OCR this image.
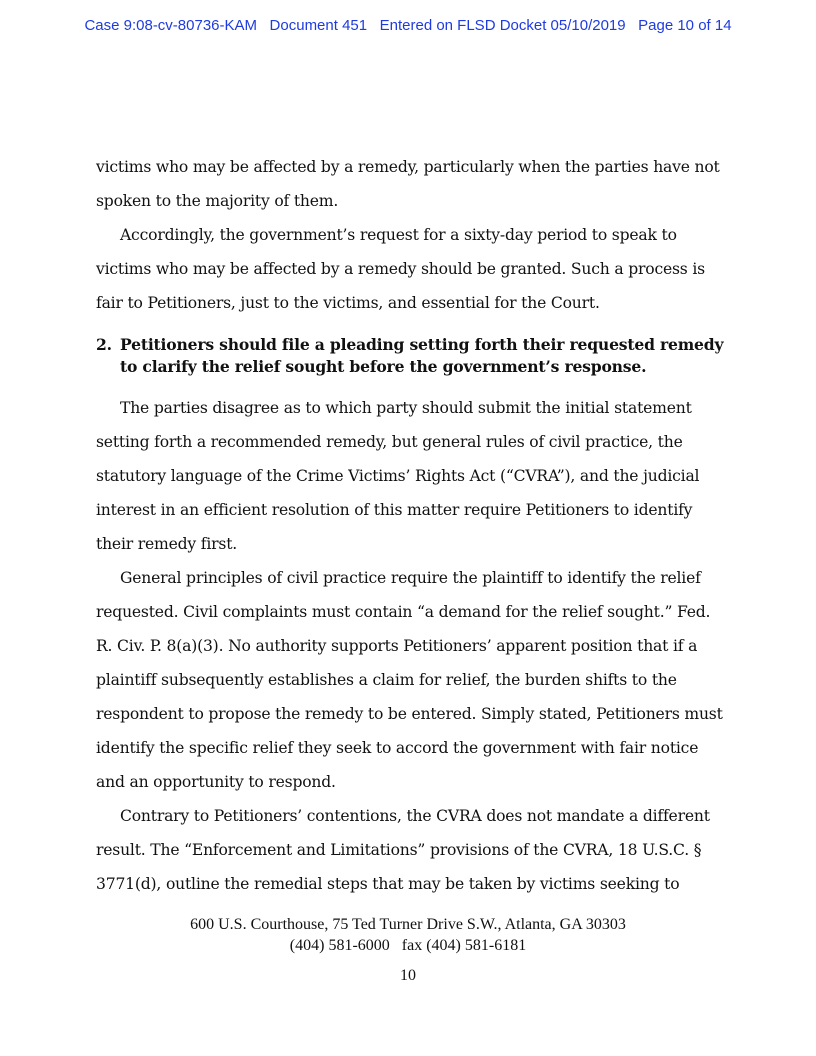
Case 9:08-cv-80736-KAM Document 451 Entered on FLSD Docket 05/10/2019 Page 10 of 14

victims who may be affected by a remedy, particularly when the parties have not spoken to the majority of them.

Accordingly, the government’s request for a sixty-day period to speak to victims who may be affected by a remedy should be granted. Such a process is fair to Petitioners, just to the victims, and essential for the Court.

2. Petitioners should file a pleading setting forth their requested remedy to clarify the relief sought before the government’s response.

The parties disagree as to which party should submit the initial statement setting forth a recommended remedy, but general rules of civil practice, the statutory language of the Crime Victims’ Rights Act (“CVRA”), and the judicial interest in an efficient resolution of this matter require Petitioners to identify their remedy first.

General principles of civil practice require the plaintiff to identify the relief requested. Civil complaints must contain “a demand for the relief sought.” Fed. R. Civ. P. 8(a)(3). No authority supports Petitioners’ apparent position that if a plaintiff subsequently establishes a claim for relief, the burden shifts to the respondent to propose the remedy to be entered. Simply stated, Petitioners must identify the specific relief they seek to accord the government with fair notice and an opportunity to respond.

Contrary to Petitioners’ contentions, the CVRA does not mandate a different result. The “Enforcement and Limitations” provisions of the CVRA, 18 U.S.C. § 3771(d), outline the remedial steps that may be taken by victims seeking to

600 U.S. Courthouse, 75 Ted Turner Drive S.W., Atlanta, GA 30303
(404) 581-6000 fax (404) 581-6181
10
